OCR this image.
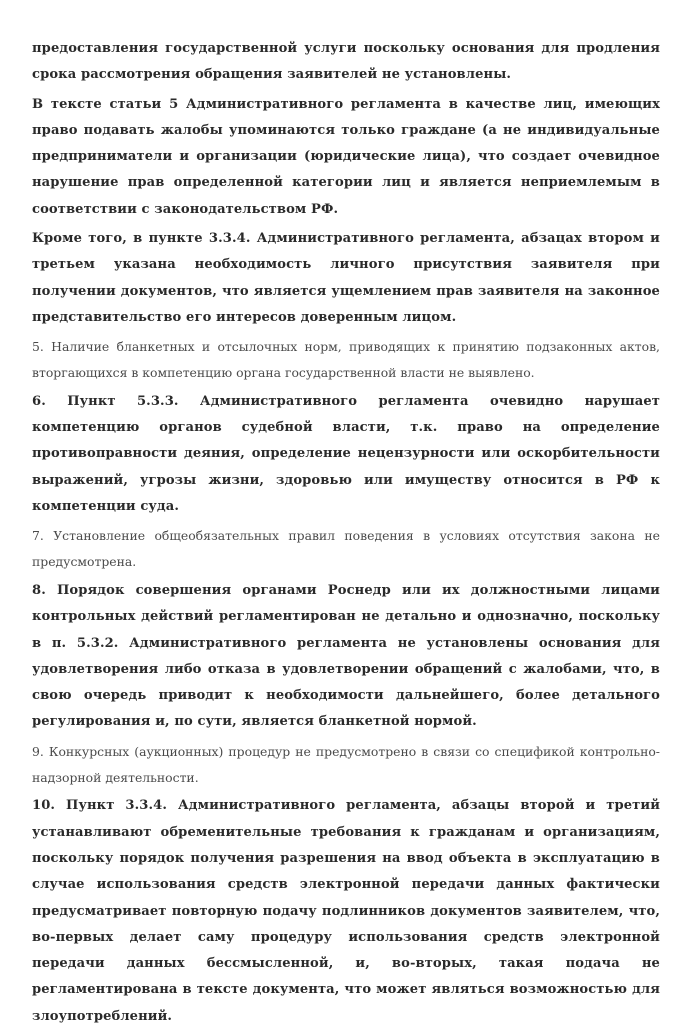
предоставления государственной услуги поскольку основания для продления срока рассмотрения обращения заявителей не установлены.

В тексте статьи 5 Административного регламента в качестве лиц, имеющих право подавать жалобы упоминаются только граждане (а не индивидуальные предприниматели и организации (юридические лица), что создает очевидное нарушение прав определенной категории лиц и является неприемлемым в соответствии с законодательством РФ.

Кроме того, в пункте 3.3.4. Административного регламента, абзацах втором и третьем указана необходимость личного присутствия заявителя при получении документов, что является ущемлением прав заявителя на законное представительство его интересов доверенным лицом.

5. Наличие бланкетных и отсылочных норм, приводящих к принятию подзаконных актов, вторгающихся в компетенцию органа государственной власти не выявлено.

6. Пункт 5.3.3. Административного регламента очевидно нарушает компетенцию органов судебной власти, т.к. право на определение противоправности деяния, определение нецензурности или оскорбительности выражений, угрозы жизни, здоровью или имуществу относится в РФ к компетенции суда.

7. Установление общеобязательных правил поведения в условиях отсутствия закона не предусмотрена.

8. Порядок совершения органами Роснедр или их должностными лицами контрольных действий регламентирован не детально и однозначно, поскольку в п. 5.3.2. Административного регламента не установлены основания для удовлетворения либо отказа в удовлетворении обращений с жалобами, что, в свою очередь приводит к необходимости дальнейшего, более детального регулирования и, по сути, является бланкетной нормой.

9. Конкурсных (аукционных) процедур не предусмотрено в связи со спецификой контрольно-надзорной деятельности.

10. Пункт 3.3.4. Административного регламента, абзацы второй и третий устанавливают обременительные требования к гражданам и организациям, поскольку порядок получения разрешения на ввод объекта в эксплуатацию в случае использования средств электронной передачи данных фактически предусматривает повторную подачу подлинников документов заявителем, что, во-первых делает саму процедуру использования средств электронной передачи данных бессмысленной, и, во-вторых, такая подача не регламентирована в тексте документа, что может являться возможностью для злоупотреблений.
